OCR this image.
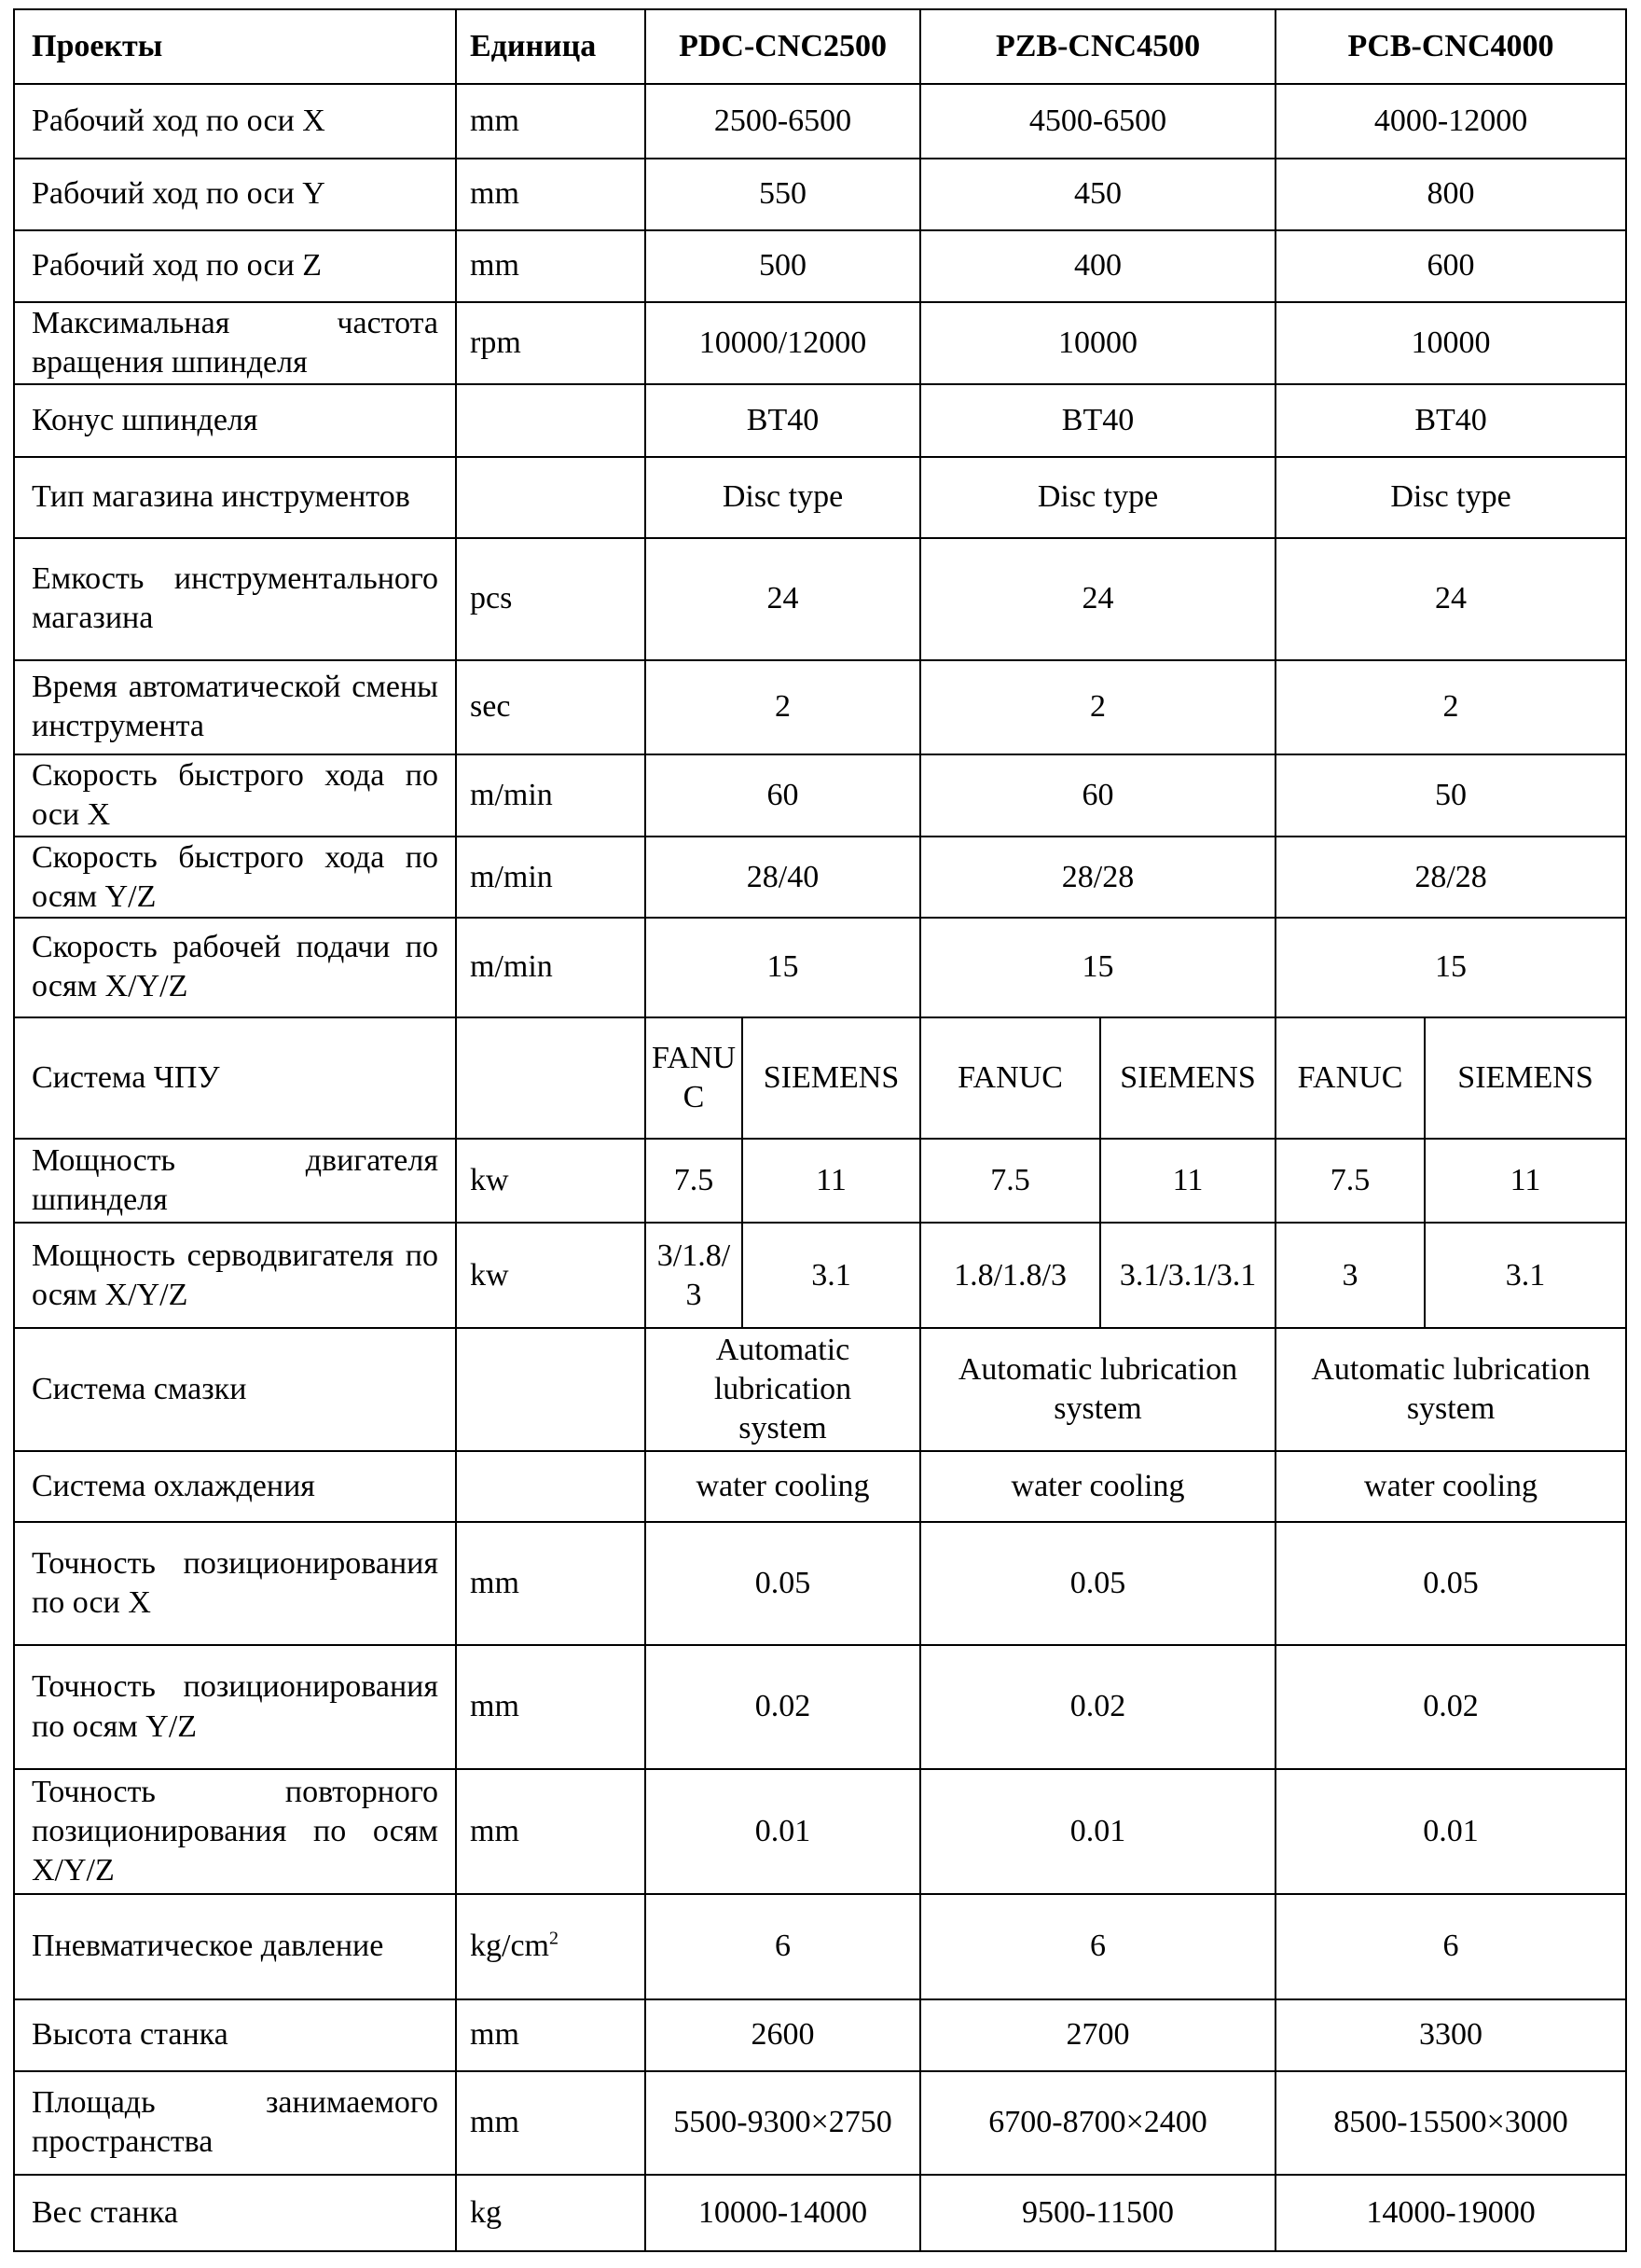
Проекты	Единица	PDC-CNC2500		PZB-CNC4500		PCB-CNC4000	
Рабочий ход по оси X	mm	2500-6500		4500-6500		4000-12000	
Рабочий ход по оси Y	mm	550		450		800	
Рабочий ход по оси Z	mm	500		400		600	
Максимальная частота вращения шпинделя	rpm	10000/12000		10000		10000	
Конус шпинделя		BT40		BT40		BT40	
Тип магазина инструментов		Disc type		Disc type		Disc type	
Емкость инструментального магазина	pcs	24		24		24	
Время автоматической смены инструмента	sec	2		2		2	
Скорость быстрого хода по оси X	m/min	60		60		50	
Скорость быстрого хода по осям Y/Z	m/min	28/40		28/28		28/28	
Скорость рабочей подачи по осям X/Y/Z	m/min	15		15		15	
Система ЧПУ		FANUC	SIEMENS	FANUC	SIEMENS	FANUC	SIEMENS
Мощность двигателя шпинделя	kw	7.5	11	7.5	11	7.5	11
Мощность серводвигателя по осям X/Y/Z	kw	3/1.8/3	3.1	1.8/1.8/3	3.1/3.1/3.1	3	3.1
Система смазки		Automatic lubrication system		Automatic lubrication system		Automatic lubrication system	
Система охлаждения		water cooling		water cooling		water cooling	
Точность позиционирования по оси X	mm	0.05		0.05		0.05	
Точность позиционирования по осям Y/Z	mm	0.02		0.02		0.02	
Точность повторного позиционирования по осям X/Y/Z	mm	0.01		0.01		0.01	
Пневматическое давление	$kg/cm^2$	6		6		6	
Высота станка	mm	2600		2700		3300	
Площадь занимаемого пространства	mm	5500-9300×2750		6700-8700×2400		8500-15500×3000	
Вес станка	kg	10000-14000		9500-11500		14000-19000	
